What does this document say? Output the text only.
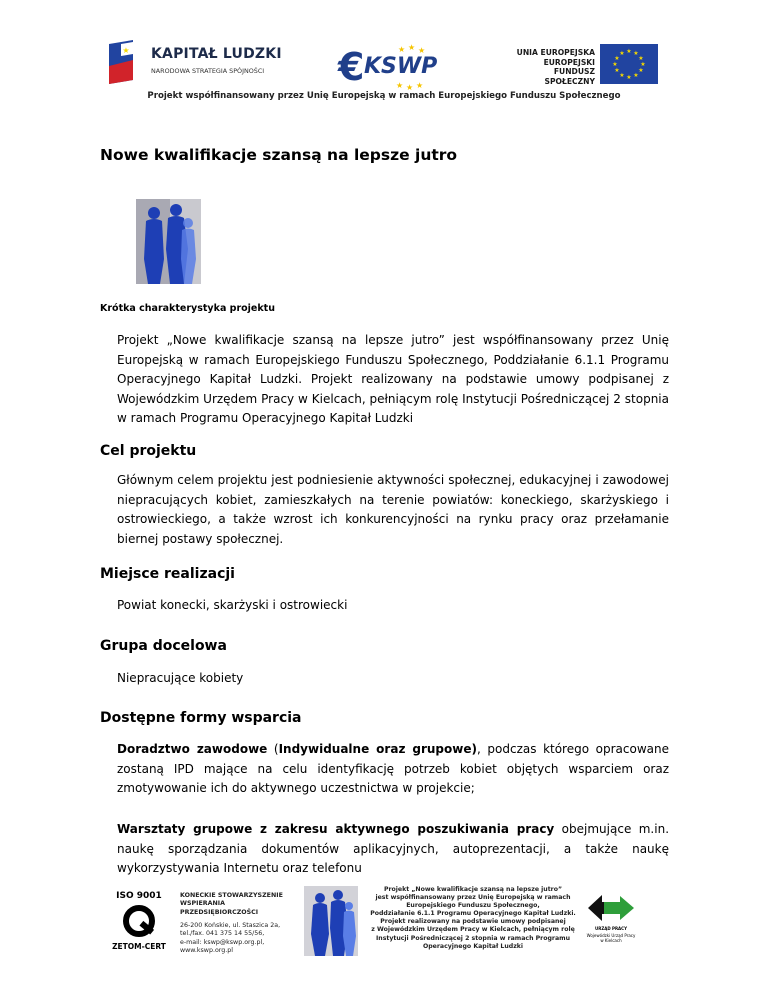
★ KAPITAŁ LUDZKI
NARODOWA STRATEGIA SPÓJNOŚCI €	★ ★ ★
★ ★ ★
KSWP
UNIA EUROPEJSKA
EUROPEJSKI
FUNDUSZ SPOŁECZNY
★ ★
★
★
★
★
★
★
★
★
★
★
Projekt współfinansowany przez Unię Europejską w ramach Europejskiego Funduszu Społecznego
Nowe kwalifikacje szansą na lepsze jutro
Krótka charakterystyka projektu

Projekt „Nowe kwalifikacje szansą na lepsze jutro” jest współfinansowany przez Unię Europejską w ramach Europejskiego Funduszu Społecznego, Poddziałanie 6.1.1 Programu Operacyjnego Kapitał Ludzki. Projekt realizowany na podstawie umowy podpisanej z Wojewódzkim Urzędem Pracy w Kielcach, pełniącym rolę Instytucji Pośredniczącej 2 stopnia w ramach Programu Operacyjnego Kapitał Ludzki

Cel projektu

Głównym celem projektu jest podniesienie aktywności społecznej, edukacyjnej i zawodowej niepracujących kobiet, zamieszkałych na terenie powiatów: koneckiego, skarżyskiego i ostrowieckiego, a także wzrost ich konkurencyjności na rynku pracy oraz przełamanie biernej postawy społecznej.

Miejsce realizacji

Powiat konecki, skarżyski i ostrowiecki

Grupa docelowa

Niepracujące kobiety

Dostępne formy wsparcia

Doradztwo zawodowe (Indywidualne oraz grupowe), podczas którego opracowane zostaną IPD mające na celu identyfikację potrzeb kobiet objętych wsparciem oraz zmotywowanie ich do aktywnego uczestnictwa w projekcie;

Warsztaty grupowe z zakresu aktywnego poszukiwania pracy obejmujące m.in. naukę sporządzania dokumentów aplikacyjnych, autoprezentacji, a także naukę wykorzystywania Internetu oraz telefonu

ISO 9001
ZETOM-CERT
KONECKIE STOWARZYSZENIE
WSPIERANIA
PRZEDSIĘBIORCZOŚCI
26-200 Końskie, ul. Staszica 2a,
tel./fax. 041 375 14 55/56,
e-mail: kswp@kswp.org.pl,
www.kswp.org.pl
Projekt „Nowe kwalifikacje szansą na lepsze jutro”
jest współfinansowany przez Unię Europejską w ramach
Europejskiego Funduszu Społecznego,
Poddziałanie 6.1.1 Programu Operacyjnego Kapitał Ludzki.
Projekt realizowany na podstawie umowy podpisanej
z Wojewódzkim Urzędem Pracy w Kielcach, pełniącym rolę
Instytucji Pośredniczącej 2 stopnia w ramach Programu
Operacyjnego Kapitał Ludzki
URZĄD PRACY
Wojewódzki Urząd Pracy w Kielcach
